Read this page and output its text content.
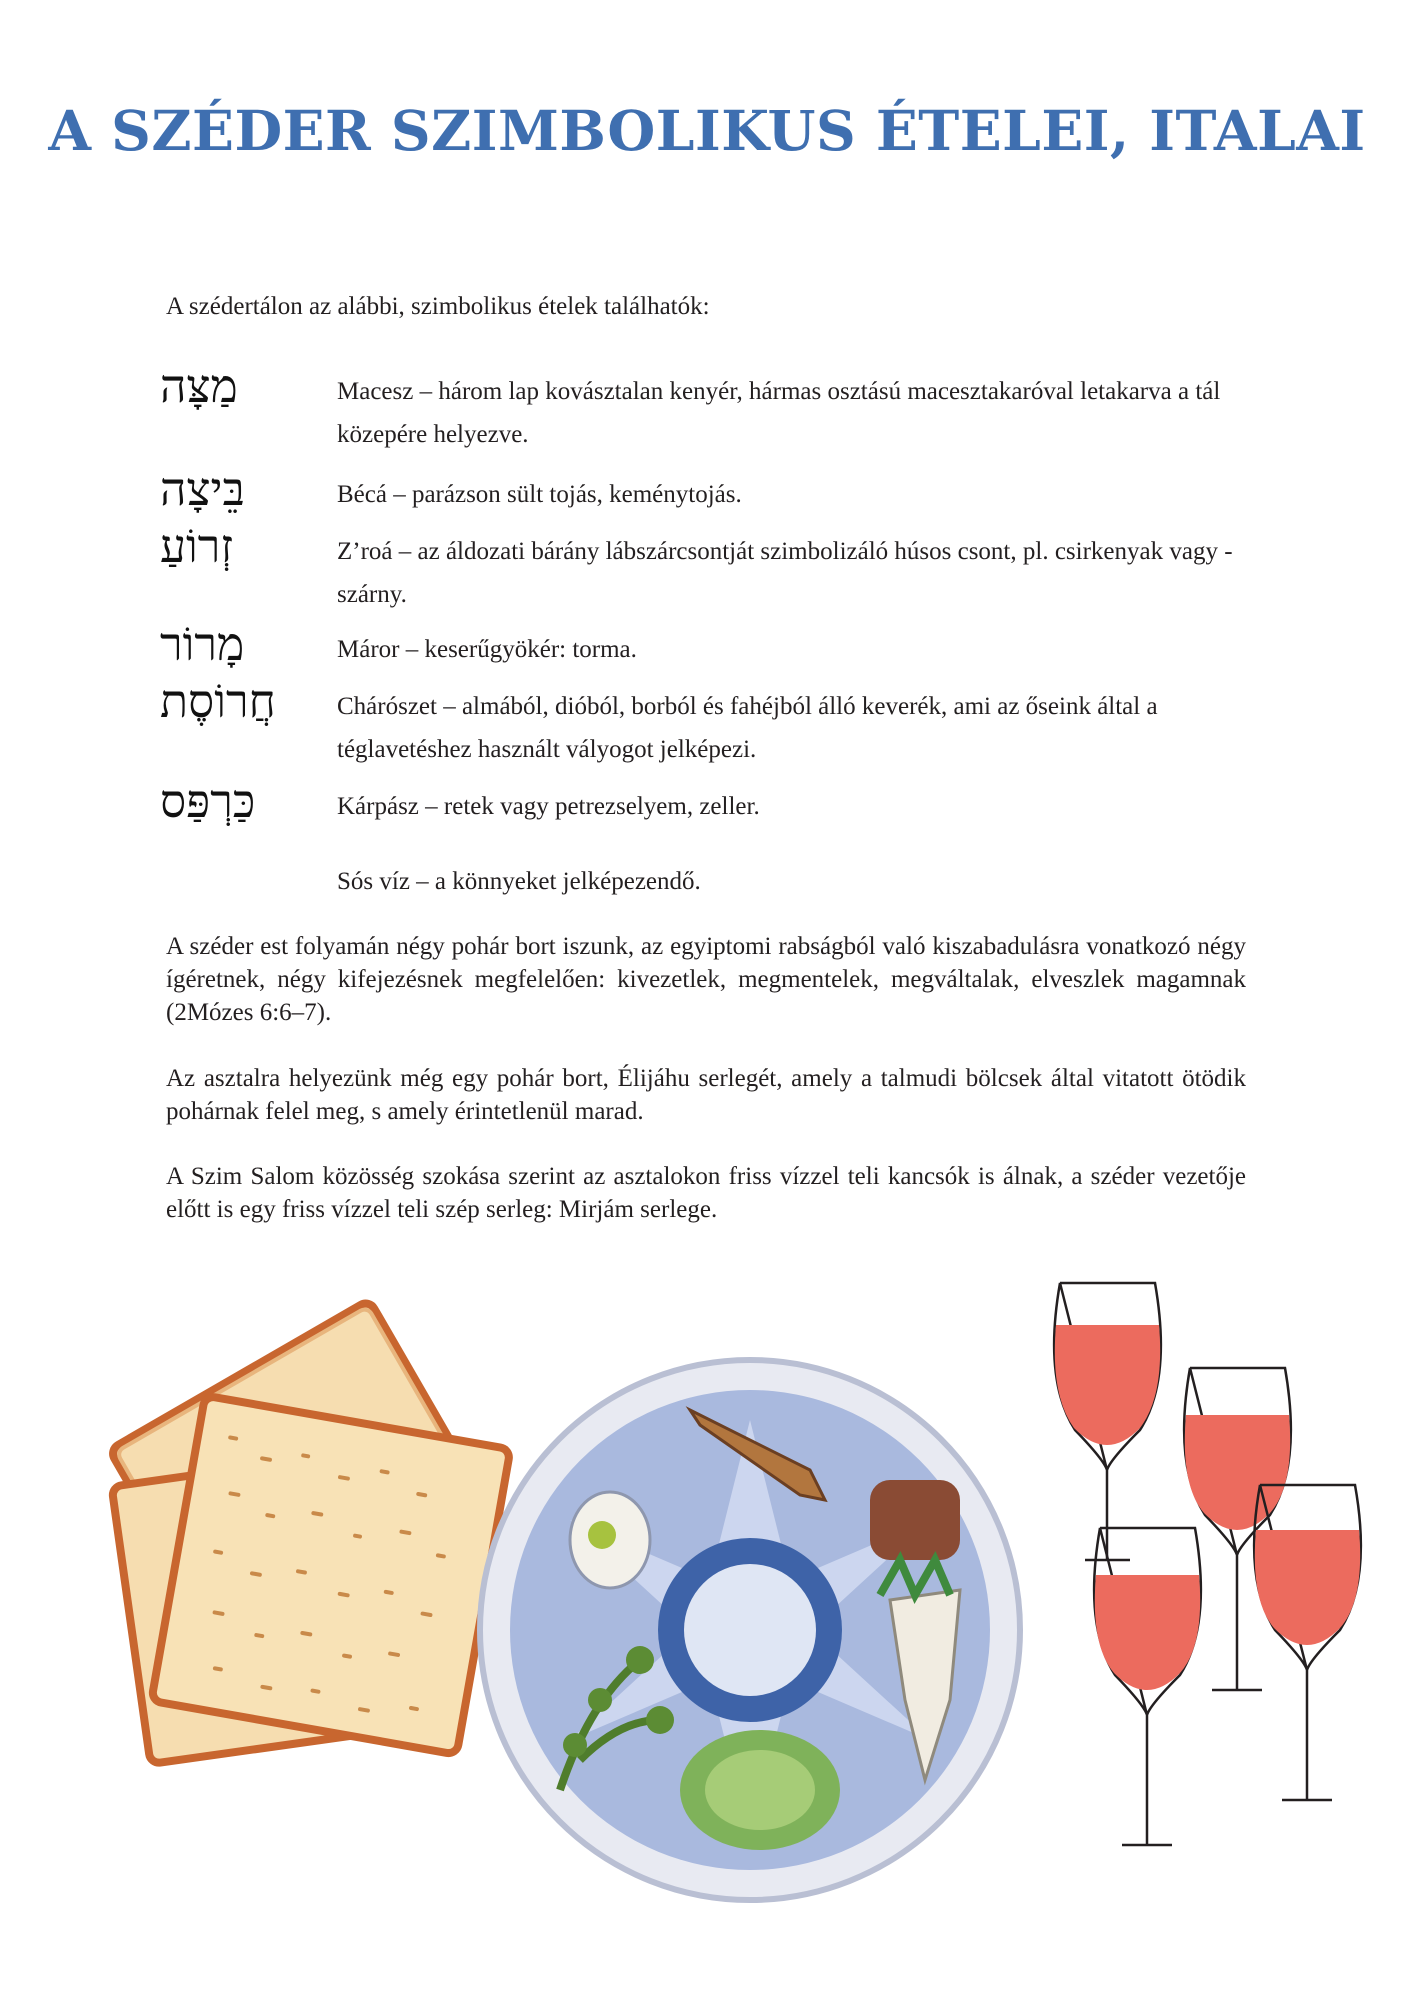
A SZÉDER SZIMBOLIKUS ÉTELEI, ITALAI

A szédertálon az alábbi, szimbolikus ételek találhatók:

מַצָּה	Macesz – három lap kovásztalan kenyér, hármas osztású macesztakaróval letakarva a tál közepére helyezve.

בֵּיצָה	Bécá – parázson sült tojás, keménytojás.

זְרוֹעַ	Z’roá – az áldozati bárány lábszárcsontját szimbolizáló húsos csont, pl. csirkenyak vagy -szárny.

מָרוֹר	Máror – keserűgyökér: torma.

חֲרוֹסֶת	Chárószet – almából, dióból, borból és fahéjból álló keverék, ami az őseink által a téglavetéshez használt vályogot jelképezi.

כַּרְפַּס	Kárpász – retek vagy petrezselyem, zeller.

Sós víz – a könnyeket jelképezendő.

A széder est folyamán négy pohár bort iszunk, az egyiptomi rabságból való kiszabadulásra vonatkozó négy ígéretnek, négy kifejezésnek megfelelően: kivezetlek, megmentelek, megváltalak, elveszlek magamnak (2Mózes 6:6–7).

Az asztalra helyezünk még egy pohár bort, Élijáhu serlegét, amely a talmudi bölcsek által vitatott ötödik pohárnak felel meg, s amely érintetlenül marad.

A Szim Salom közösség szokása szerint az asztalokon friss vízzel teli kancsók is álnak, a széder vezetője előtt is egy friss vízzel teli szép serleg: Mirjám serlege.
